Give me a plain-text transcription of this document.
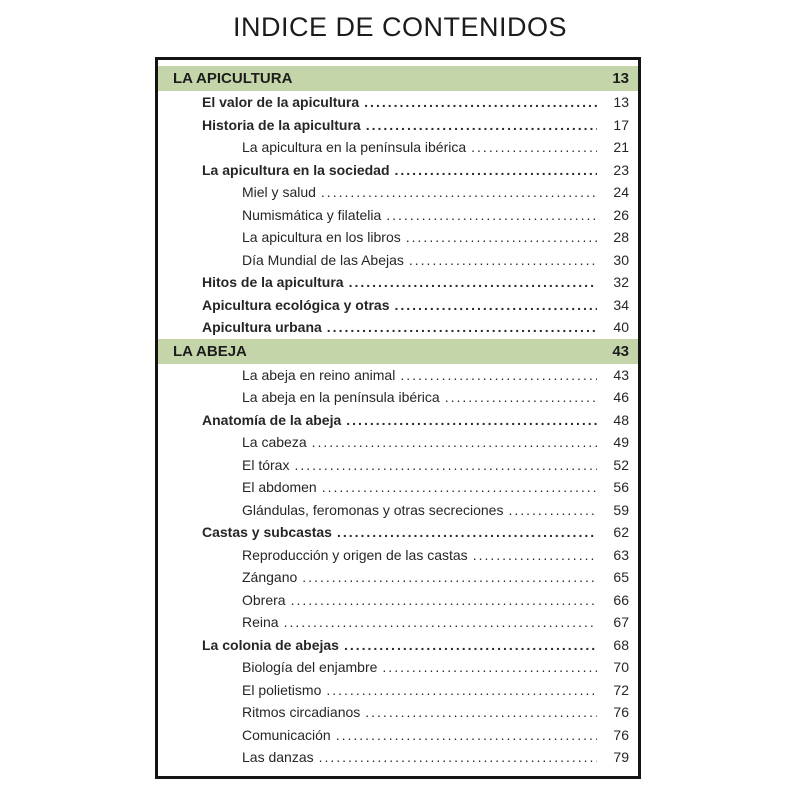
INDICE DE CONTENIDOS
LA APICULTURA	13
El valor de la apicultura .....	13
Historia de la apicultura .....	17
La apicultura en la península ibérica .....	21
La apicultura en la sociedad .....	23
Miel y salud .....	24
Numismática y filatelia .....	26
La apicultura en los libros .....	28
Día Mundial de las Abejas .....	30
Hitos de la apicultura .....	32
Apicultura ecológica y otras .....	34
Apicultura urbana .....	40
LA ABEJA	43
La abeja en reino animal .....	43
La abeja en la península ibérica .....	46
Anatomía de la abeja .....	48
La cabeza .....	49
El tórax .....	52
El abdomen .....	56
Glándulas, feromonas y otras secreciones .....	59
Castas y subcastas .....	62
Reproducción y origen de las castas .....	63
Zángano .....	65
Obrera .....	66
Reina .....	67
La colonia de abejas .....	68
Biología del enjambre .....	70
El polietismo .....	72
Ritmos circadianos .....	76
Comunicación .....	76
Las danzas .....	79
